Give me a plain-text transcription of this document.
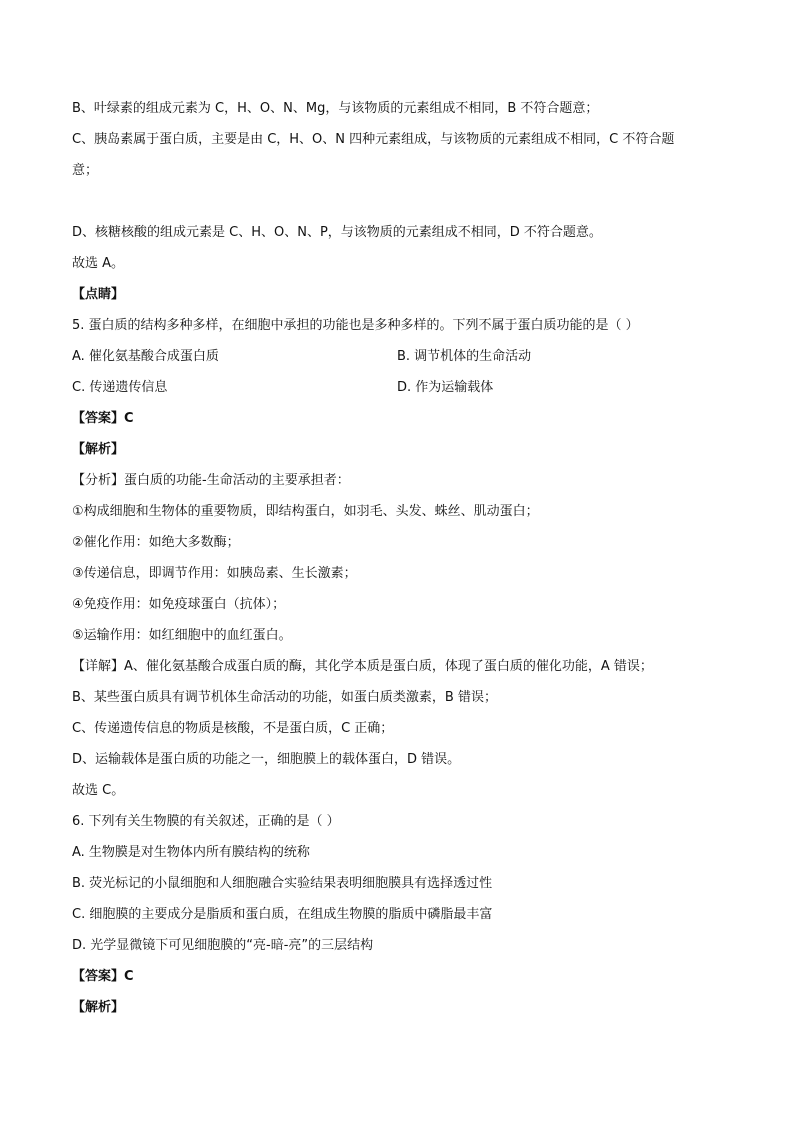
B、叶绿素的组成元素为 C，H、O、N、Mg，与该物质的元素组成不相同，B 不符合题意；
C、胰岛素属于蛋白质，主要是由 C，H、O、N 四种元素组成，与该物质的元素组成不相同，C 不符合题
意；
D、核糖核酸的组成元素是 C、H、O、N、P，与该物质的元素组成不相同，D 不符合题意。
故选 A。
【点睛】
5. 蛋白质的结构多种多样，在细胞中承担的功能也是多种多样的。下列不属于蛋白质功能的是（ ）
A. 催化氨基酸合成蛋白质	B. 调节机体的生命活动
C. 传递遗传信息	D. 作为运输载体
【答案】C
【解析】
【分析】蛋白质的功能-生命活动的主要承担者：
①构成细胞和生物体的重要物质，即结构蛋白，如羽毛、头发、蛛丝、肌动蛋白；
②催化作用：如绝大多数酶；
③传递信息，即调节作用：如胰岛素、生长激素；
④免疫作用：如免疫球蛋白（抗体）；
⑤运输作用：如红细胞中的血红蛋白。
【详解】A、催化氨基酸合成蛋白质的酶，其化学本质是蛋白质，体现了蛋白质的催化功能，A 错误；
B、某些蛋白质具有调节机体生命活动的功能，如蛋白质类激素，B 错误；
C、传递遗传信息的物质是核酸，不是蛋白质，C 正确；
D、运输载体是蛋白质的功能之一，细胞膜上的载体蛋白，D 错误。
故选 C。
6. 下列有关生物膜的有关叙述，正确的是（ ）
A. 生物膜是对生物体内所有膜结构的统称
B. 荧光标记的小鼠细胞和人细胞融合实验结果表明细胞膜具有选择透过性
C. 细胞膜的主要成分是脂质和蛋白质，在组成生物膜的脂质中磷脂最丰富
D. 光学显微镜下可见细胞膜的“亮-暗-亮”的三层结构
【答案】C
【解析】
